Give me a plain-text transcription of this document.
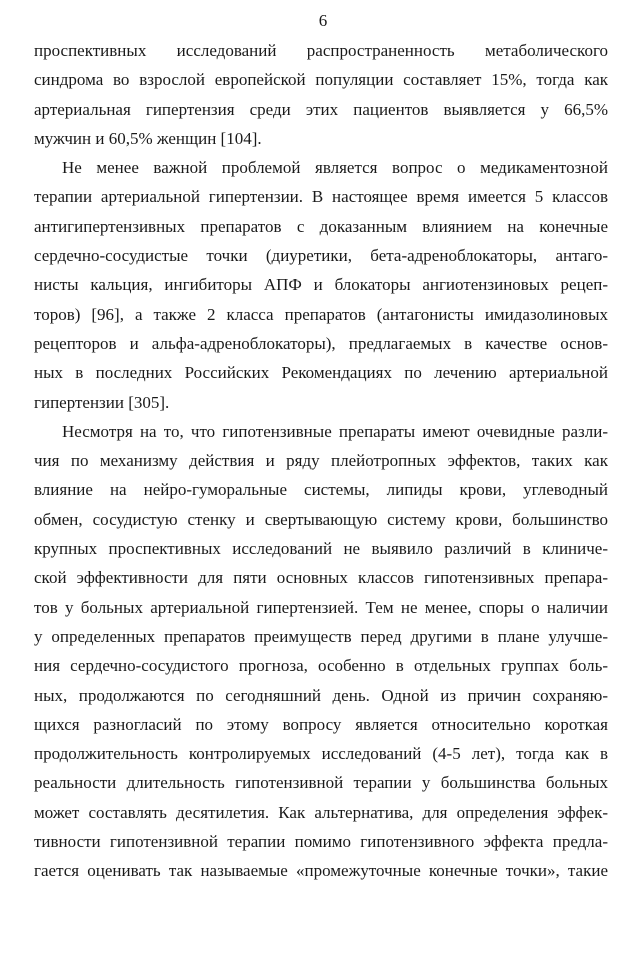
6
проспективных исследований распространенность метаболического
синдрома во взрослой европейской популяции составляет 15%, тогда как
артериальная гипертензия среди этих пациентов выявляется у 66,5%
мужчин и 60,5% женщин [104].
Не менее важной проблемой является вопрос о медикаментозной
терапии артериальной гипертензии. В настоящее время имеется 5 классов
антигипертензивных препаратов с доказанным влиянием на конечные
сердечно-сосудистые точки (диуретики, бета-адреноблокаторы, антаго-
нисты кальция, ингибиторы АПФ и блокаторы ангиотензиновых рецеп-
торов) [96], а также 2 класса препаратов (антагонисты имидазолиновых
рецепторов и альфа-адреноблокаторы), предлагаемых в качестве основ-
ных в последних Российских Рекомендациях по лечению артериальной
гипертензии [305].
Несмотря на то, что гипотензивные препараты имеют очевидные разли-
чия по механизму действия и ряду плейотропных эффектов, таких как
влияние на нейро-гуморальные системы, липиды крови, углеводный
обмен, сосудистую стенку и свертывающую систему крови, большинство
крупных проспективных исследований не выявило различий в клиниче-
ской эффективности для пяти основных классов гипотензивных препара-
тов у больных артериальной гипертензией. Тем не менее, споры о наличии
у определенных препаратов преимуществ перед другими в плане улучше-
ния сердечно-сосудистого прогноза, особенно в отдельных группах боль-
ных, продолжаются по сегодняшний день. Одной из причин сохраняю-
щихся разногласий по этому вопросу является относительно короткая
продолжительность контролируемых исследований (4-5 лет), тогда как в
реальности длительность гипотензивной терапии у большинства больных
может составлять десятилетия. Как альтернатива, для определения эффек-
тивности гипотензивной терапии помимо гипотензивного эффекта предла-
гается оценивать так называемые «промежуточные конечные точки», такие
